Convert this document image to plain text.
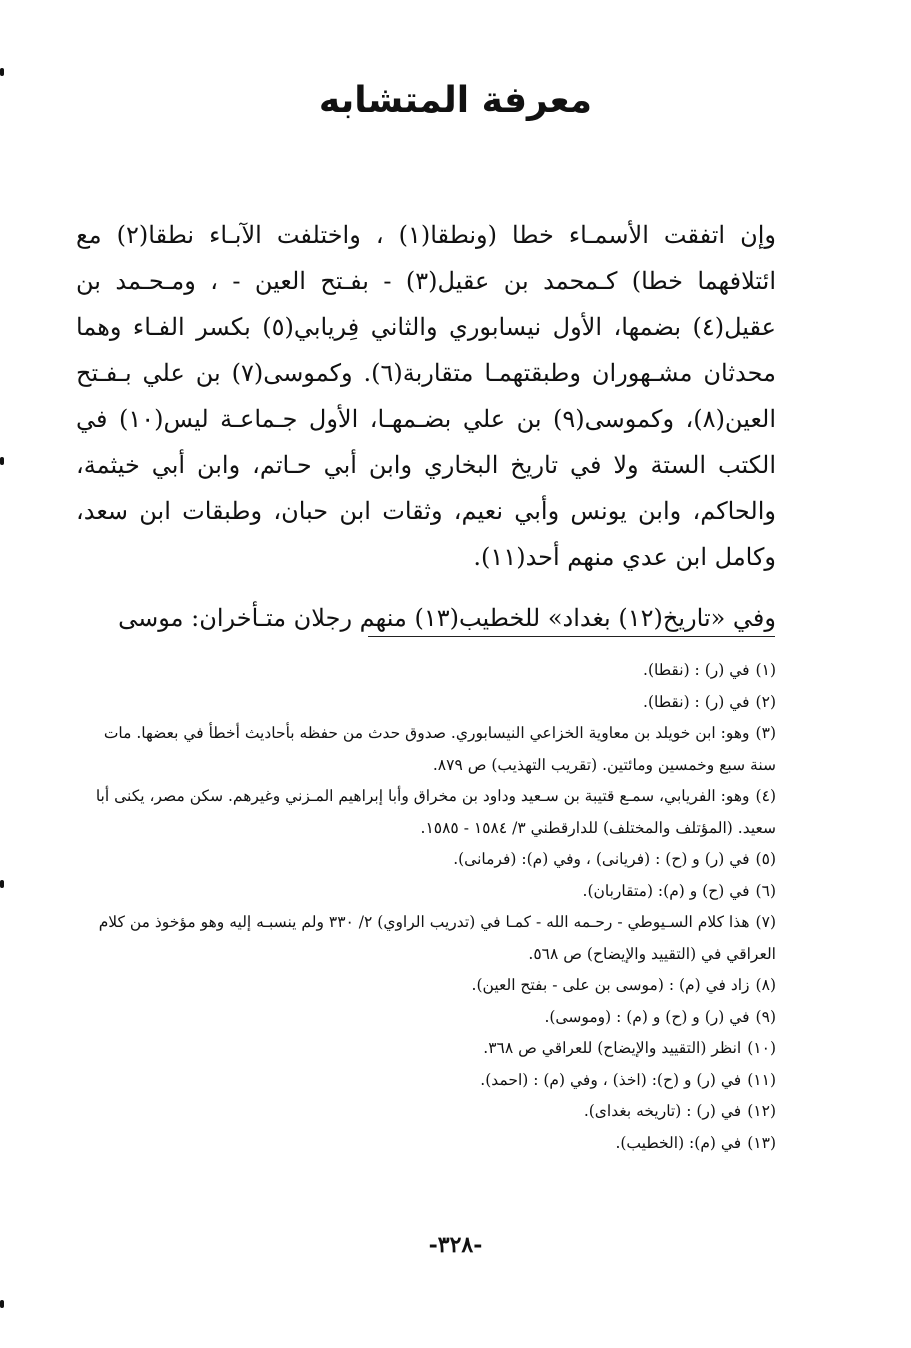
معرفة المتشابه

وإن اتفقت الأسمـاء خطا (ونطقا(١) ، واختلفت الآبـاء نطقا(٢) مع ائتلافهما خطا) كـمحمد بن عقيل(٣) - بفـتح العين - ، ومـحـمد بن عقيل(٤) بضمها، الأول نيسابوري والثاني فِريابي(٥) بكسر الفـاء وهما محدثان مشـهوران وطبقتهمـا متقاربة(٦). وكموسى(٧) بن علي بـفـتح العين(٨)، وكموسى(٩) بن علي بضـمهـا، الأول جـماعـة ليس(١٠) في الكتب الستة ولا في تاريخ البخاري وابن أبي حـاتم، وابن أبي خيثمة، والحاكم، وابن يونس وأبي نعيم، وثقات ابن حبان، وطبقات ابن سعد، وكامل ابن عدي منهم أحد(١١).

وفي «تاريخ(١٢) بغداد» للخطيب(١٣) منهم رجلان متـأخران: موسى

(١)في (ر) : (نقطا).

(٢)في (ر) : (نقطا).

(٣)وهو: ابن خويلد بن معاوية الخزاعي النيسابوري. صدوق حدث من حفظه بأحاديث أخطأ في بعضها. مات سنة سبع وخمسين ومائتين. (تقريب التهذيب) ص ٨٧٩.

(٤)وهو: الفريابي، سمـع قتيبة بن سـعيد وداود بن مخراق وأبا إبراهيم المـزني وغيرهم. سكن مصر، يكنى أبا سعيد. (المؤتلف والمختلف) للدارقطني ٣/ ١٥٨٤ - ١٥٨٥.

(٥)في (ر) و (ح) : (فريانى) ، وفي (م): (فرمانى).

(٦)في (ح) و (م): (متقاربان).

(٧)هذا كلام السـيوطي - رحـمه الله - كمـا في (تدريب الراوي) ٢/ ٣٣٠ ولم ينسبـه إليه وهو مؤخوذ من كلام العراقي في (التقييد والإيضاح) ص ٥٦٨.

(٨)زاد في (م) : (موسى بن على - بفتح العين).

(٩)في (ر) و (ح) و (م) : (وموسى).

(١٠)انظر (التقييد والإيضاح) للعراقي ص ٣٦٨.

(١١)في (ر) و (ح): (اخذ) ، وفي (م) : (احمد).

(١٢)في (ر) : (تاريخه بغداى).

(١٣)في (م): (الخطيب).

-٣٢٨-
